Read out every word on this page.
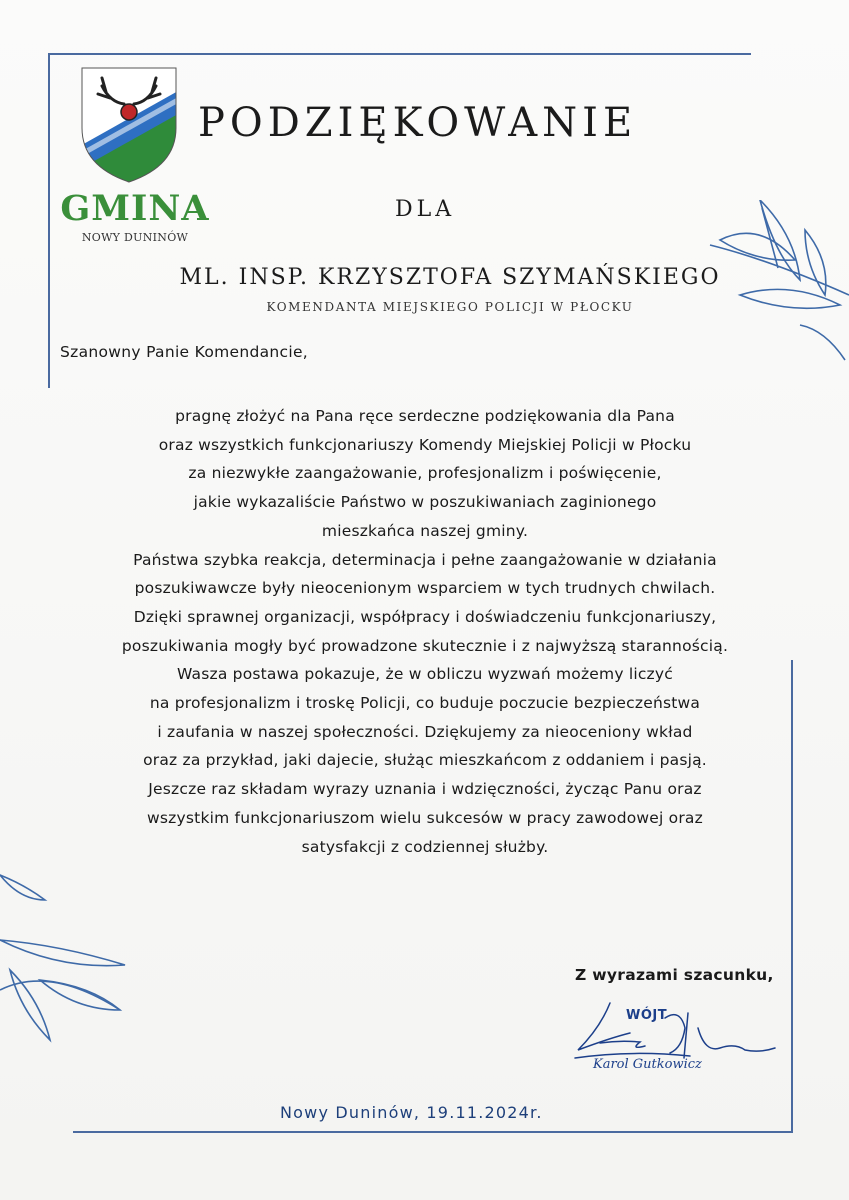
GMINA
NOWY DUNINÓW
PODZIĘKOWANIE
DLA
ML. INSP. KRZYSZTOFA SZYMAŃSKIEGO
KOMENDANTA MIEJSKIEGO POLICJI W PŁOCKU
Szanowny Panie Komendancie,
pragnę złożyć na Pana ręce serdeczne podziękowania dla Pana
oraz wszystkich funkcjonariuszy Komendy Miejskiej Policji w Płocku
za niezwykłe zaangażowanie, profesjonalizm i poświęcenie,
jakie wykazaliście Państwo w poszukiwaniach zaginionego
mieszkańca naszej gminy.
Państwa szybka reakcja, determinacja i pełne zaangażowanie w działania
poszukiwawcze były nieocenionym wsparciem w tych trudnych chwilach.
Dzięki sprawnej organizacji, współpracy i doświadczeniu funkcjonariuszy,
poszukiwania mogły być prowadzone skutecznie i z najwyższą starannością.
Wasza postawa pokazuje, że w obliczu wyzwań możemy liczyć
na profesjonalizm i troskę Policji, co buduje poczucie bezpieczeństwa
i zaufania w naszej społeczności. Dziękujemy za nieoceniony wkład
oraz za przykład, jaki dajecie, służąc mieszkańcom z oddaniem i pasją.
Jeszcze raz składam wyrazy uznania i wdzięczności, życząc Panu oraz
wszystkim funkcjonariuszom wielu sukcesów w pracy zawodowej oraz
satysfakcji z codziennej służby.
Z wyrazami szacunku,
WÓJT
Karol Gutkowicz
Nowy Duninów, 19.11.2024r.
